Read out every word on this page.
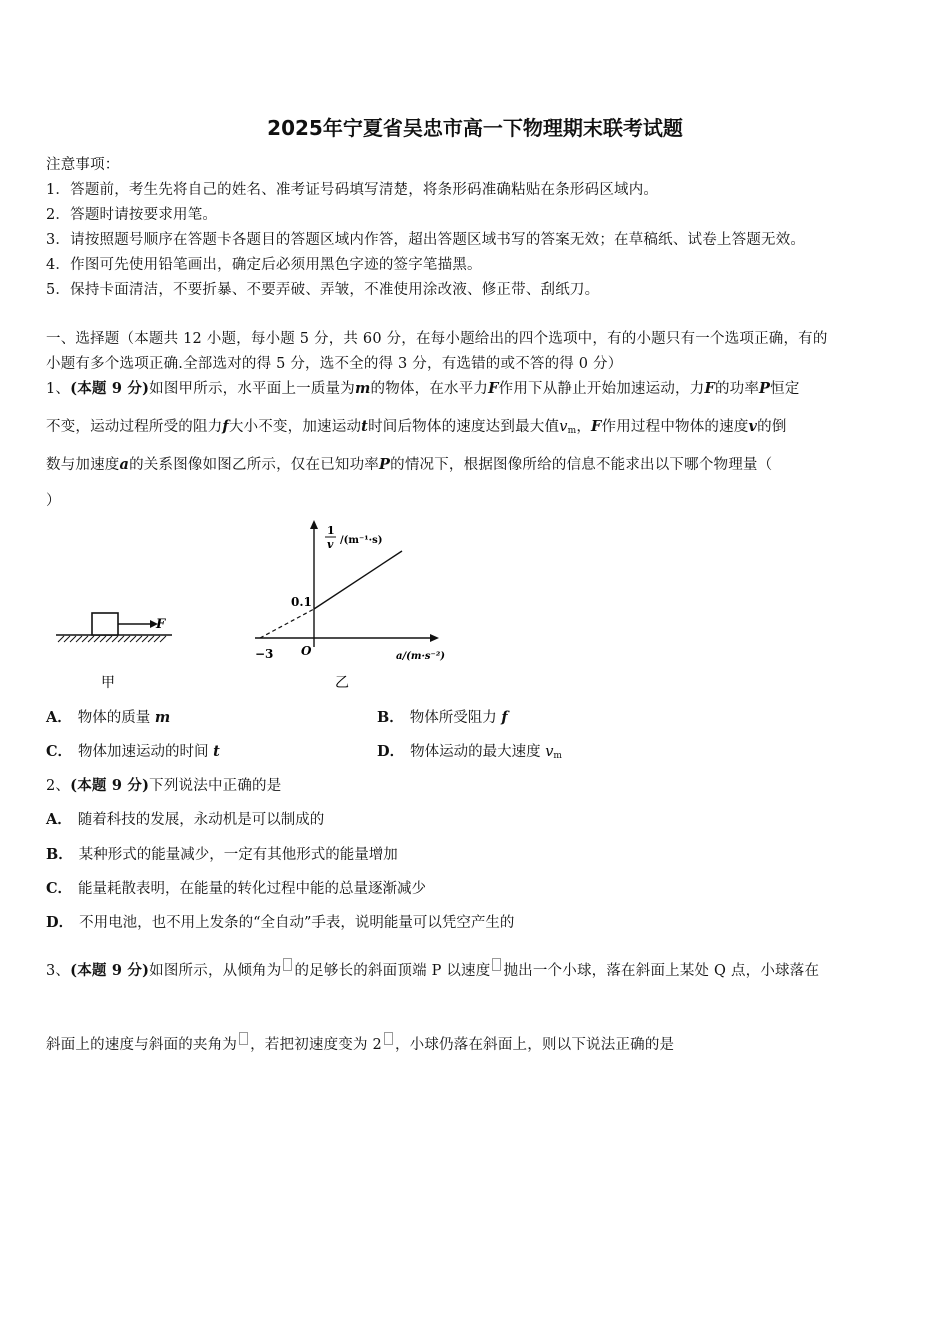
2025年宁夏省吴忠市高一下物理期末联考试题
注意事项：
1．答题前，考生先将自己的姓名、准考证号码填写清楚，将条形码准确粘贴在条形码区域内。
2．答题时请按要求用笔。
3．请按照题号顺序在答题卡各题目的答题区域内作答，超出答题区域书写的答案无效；在草稿纸、试卷上答题无效。
4．作图可先使用铅笔画出，确定后必须用黑色字迹的签字笔描黑。
5．保持卡面清洁，不要折暴、不要弄破、弄皱，不准使用涂改液、修正带、刮纸刀。
一、选择题（本题共 12 小题，每小题 5 分，共 60 分，在每小题给出的四个选项中，有的小题只有一个选项正确，有的
小题有多个选项正确.全部选对的得 5 分，选不全的得 3 分，有选错的或不答的得 0 分）
1、(本题 9 分)如图甲所示，水平面上一质量为m的物体，在水平力F作用下从静止开始加速运动，力F的功率P恒定
不变，运动过程所受的阻力f大小不变，加速运动t时间后物体的速度达到最大值$v_m$，F作用过程中物体的速度v的倒
数与加速度a的关系图像如图乙所示，仅在已知功率P的情况下，根据图像所给的信息不能求出以下哪个物理量（
）
F
甲
1
v /(m⁻¹·s)
0.1
−3 O	a/(m·s⁻²)
乙
A． 物体的质量 m	B． 物体所受阻力 f
C． 物体加速运动的时间 t	D． 物体运动的最大速度 $v_m$
2、(本题 9 分)下列说法中正确的是
A． 随着科技的发展，永动机是可以制成的
B． 某种形式的能量减少，一定有其他形式的能量增加
C． 能量耗散表明，在能量的转化过程中能的总量逐渐减少
D． 不用电池，也不用上发条的“全自动”手表，说明能量可以凭空产生的
3、(本题 9 分)如图所示，从倾角为 的足够长的斜面顶端 P 以速度 抛出一个小球，落在斜面上某处 Q 点，小球落在
斜面上的速度与斜面的夹角为 ，若把初速度变为 2 ，小球仍落在斜面上，则以下说法正确的是
